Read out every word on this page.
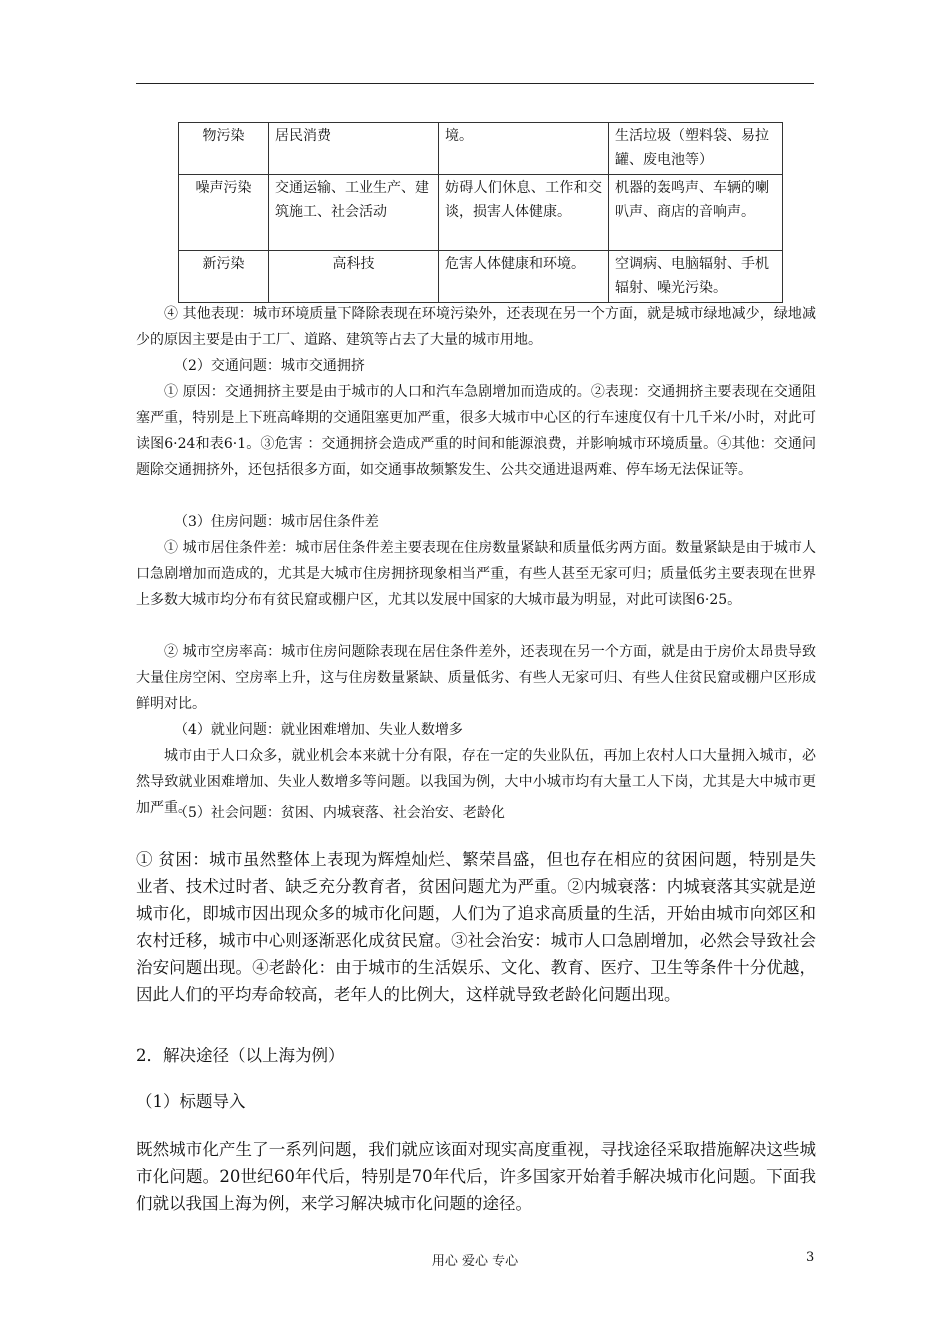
物污染	居民消费	境。	生活垃圾（塑料袋、易拉罐、废电池等）
噪声污染	交通运输、工业生产、建筑施工、社会活动	妨碍人们休息、工作和交谈，损害人体健康。	机器的轰鸣声、车辆的喇叭声、商店的音响声。
新污染	高科技	危害人体健康和环境。	空调病、电脑辐射、手机辐射、噪光污染。
④ 其他表现：城市环境质量下降除表现在环境污染外，还表现在另一个方面，就是城市绿地减少，绿地减少的原因主要是由于工厂、道路、建筑等占去了大量的城市用地。
（2）交通问题：城市交通拥挤
① 原因：交通拥挤主要是由于城市的人口和汽车急剧增加而造成的。②表现：交通拥挤主要表现在交通阻塞严重，特别是上下班高峰期的交通阻塞更加严重，很多大城市中心区的行车速度仅有十几千米/小时，对此可读图6·24和表6·1。③危害 ：交通拥挤会造成严重的时间和能源浪费，并影响城市环境质量。④其他：交通问题除交通拥挤外，还包括很多方面，如交通事故频繁发生、公共交通进退两难、停车场无法保证等。
（3）住房问题：城市居住条件差
① 城市居住条件差：城市居住条件差主要表现在住房数量紧缺和质量低劣两方面。数量紧缺是由于城市人口急剧增加而造成的，尤其是大城市住房拥挤现象相当严重，有些人甚至无家可归；质量低劣主要表现在世界上多数大城市均分布有贫民窟或棚户区，尤其以发展中国家的大城市最为明显，对此可读图6·25。
② 城市空房率高：城市住房问题除表现在居住条件差外，还表现在另一个方面，就是由于房价太昂贵导致大量住房空闲、空房率上升，这与住房数量紧缺、质量低劣、有些人无家可归、有些人住贫民窟或棚户区形成鲜明对比。
（4）就业问题：就业困难增加、失业人数增多
城市由于人口众多，就业机会本来就十分有限，存在一定的失业队伍，再加上农村人口大量拥入城市，必然导致就业困难增加、失业人数增多等问题。以我国为例，大中小城市均有大量工人下岗，尤其是大中城市更加严重。
（5）社会问题：贫困、内城衰落、社会治安、老龄化
① 贫困：城市虽然整体上表现为辉煌灿烂、繁荣昌盛，但也存在相应的贫困问题，特别是失业者、技术过时者、缺乏充分教育者，贫困问题尤为严重。②内城衰落：内城衰落其实就是逆城市化，即城市因出现众多的城市化问题，人们为了追求高质量的生活，开始由城市向郊区和农村迁移，城市中心则逐渐恶化成贫民窟。③社会治安：城市人口急剧增加，必然会导致社会治安问题出现。④老龄化：由于城市的生活娱乐、文化、教育、医疗、卫生等条件十分优越，因此人们的平均寿命较高，老年人的比例大，这样就导致老龄化问题出现。
2．解决途径（以上海为例）
（1）标题导入
既然城市化产生了一系列问题，我们就应该面对现实高度重视，寻找途径采取措施解决这些城市化问题。20世纪60年代后，特别是70年代后，许多国家开始着手解决城市化问题。下面我们就以我国上海为例，来学习解决城市化问题的途径。
用心 爱心 专心	3
